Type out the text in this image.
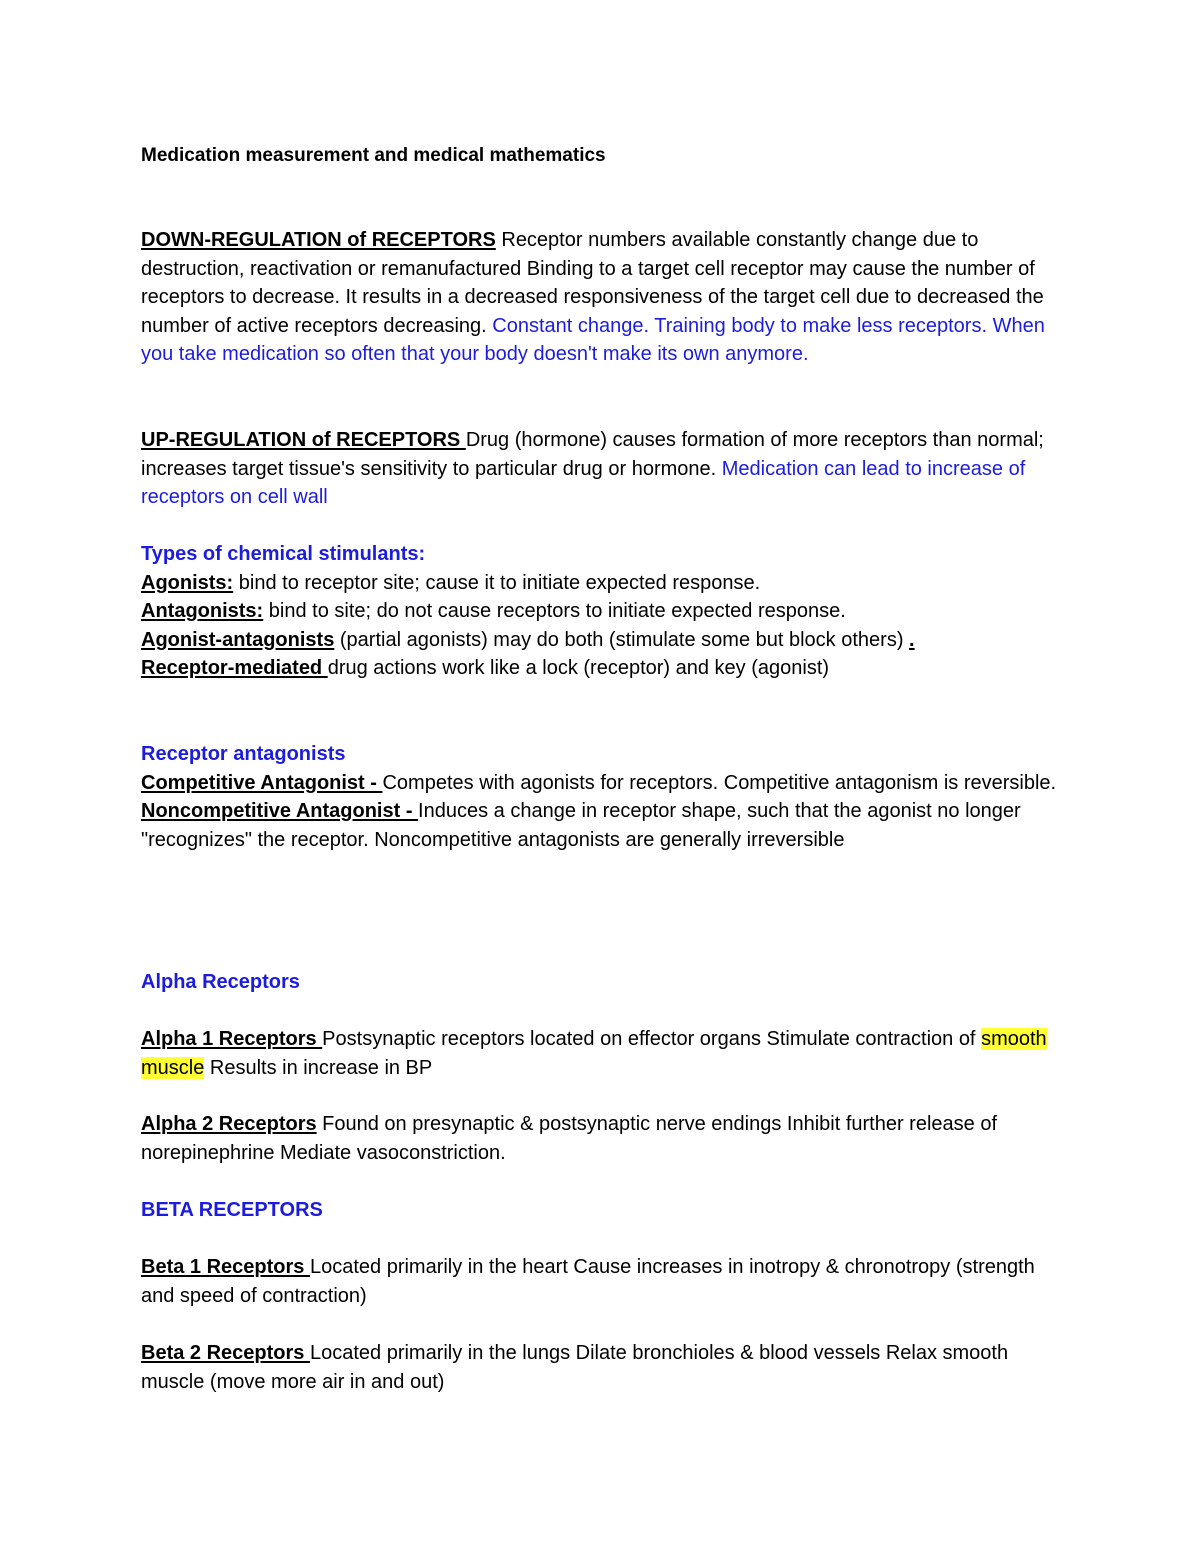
Medication measurement and medical mathematics

DOWN-REGULATION of RECEPTORS Receptor numbers available constantly change due to destruction, reactivation or remanufactured Binding to a target cell receptor may cause the number of receptors to decrease. It results in a decreased responsiveness of the target cell due to decreased the number of active receptors decreasing. Constant change. Training body to make less receptors. When you take medication so often that your body doesn't make its own anymore.

UP-REGULATION of RECEPTORS Drug (hormone) causes formation of more receptors than normal; increases target tissue's sensitivity to particular drug or hormone. Medication can lead to increase of receptors on cell wall

Types of chemical stimulants:
Agonists: bind to receptor site; cause it to initiate expected response.
Antagonists: bind to site; do not cause receptors to initiate expected response.
Agonist-antagonists (partial agonists) may do both (stimulate some but block others) .
Receptor-mediated drug actions work like a lock (receptor) and key (agonist)
Receptor antagonists
Competitive Antagonist - Competes with agonists for receptors. Competitive antagonism is reversible.
Noncompetitive Antagonist - Induces a change in receptor shape, such that the agonist no longer "recognizes" the receptor. Noncompetitive antagonists are generally irreversible
Alpha Receptors

Alpha 1 Receptors Postsynaptic receptors located on effector organs Stimulate contraction of smooth muscle Results in increase in BP

Alpha 2 Receptors Found on presynaptic & postsynaptic nerve endings Inhibit further release of norepinephrine Mediate vasoconstriction.

BETA RECEPTORS

Beta 1 Receptors Located primarily in the heart Cause increases in inotropy & chronotropy (strength and speed of contraction)

Beta 2 Receptors Located primarily in the lungs Dilate bronchioles & blood vessels Relax smooth muscle (move more air in and out)
